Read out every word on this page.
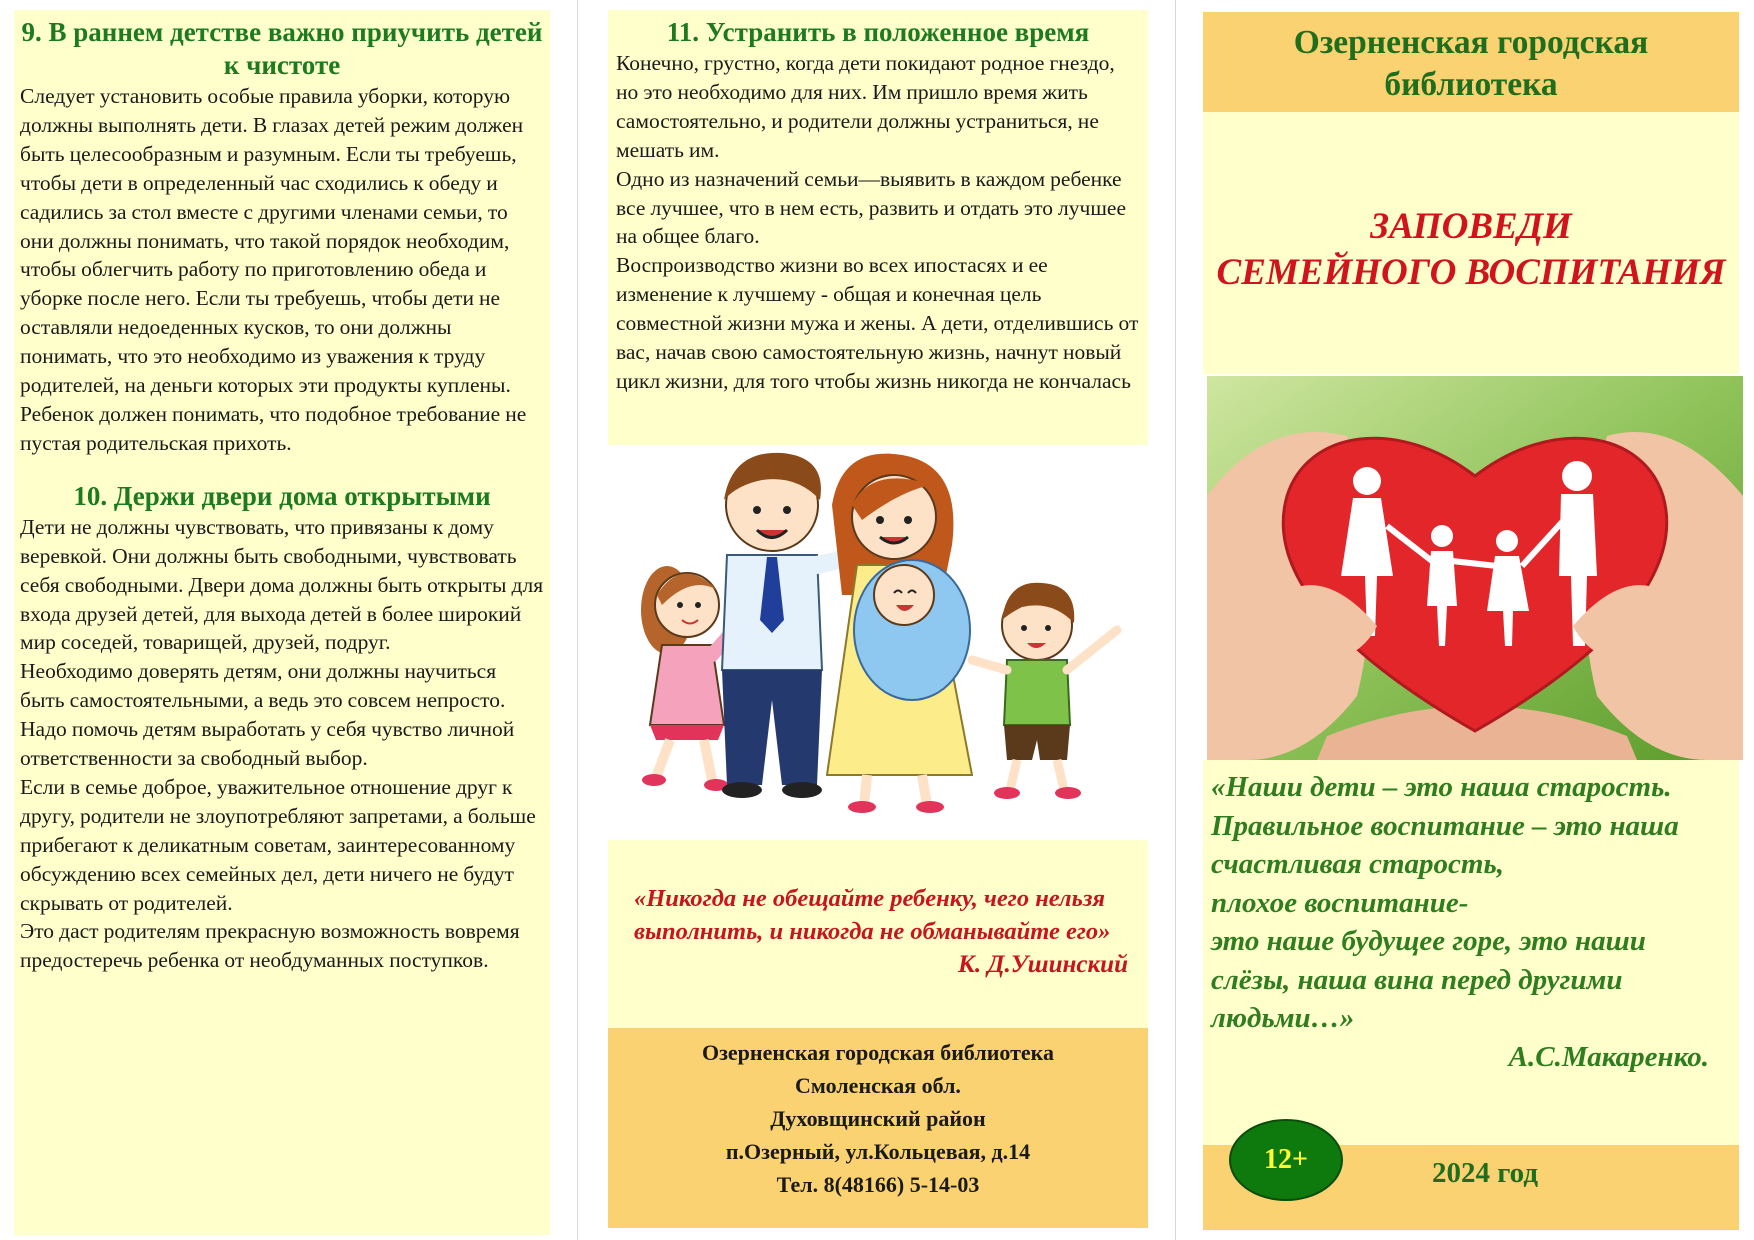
9. В раннем детстве важно приучить детей к чистоте

Следует установить особые правила уборки, которую должны выполнять дети. В глазах детей режим должен быть целесообразным и разумным. Если ты требуешь, чтобы дети в определенный час сходились к обеду и садились за стол вместе с другими членами семьи, то они должны понимать, что такой порядок необходим, чтобы облегчить работу по приготовлению обеда и уборке после него. Если ты требуешь, чтобы дети не оставляли недоеденных кусков, то они должны понимать, что это необходимо из уважения к труду родителей, на деньги которых эти продукты куплены.
Ребенок должен понимать, что подобное требование не пустая родительская прихоть.

10. Держи двери дома открытыми

Дети не должны чувствовать, что привязаны к дому веревкой. Они должны быть свободными, чувствовать себя свободными. Двери дома должны быть открыты для входа друзей детей, для выхода детей в более широкий мир соседей, товарищей, друзей, подруг.
Необходимо доверять детям, они должны научиться быть самостоятельными, а ведь это совсем непросто. Надо помочь детям выработать у себя чувство личной ответственности за свободный выбор.
Если в семье доброе, уважительное отношение друг к другу, родители не злоупотребляют запретами, а больше прибегают к деликатным советам, заинтересованному обсуждению всех семейных дел, дети ничего не будут скрывать от родителей.
Это даст родителям прекрасную возможность вовремя предостеречь ребенка от необдуманных поступков.

11. Устранить в положенное время

Конечно, грустно, когда дети покидают родное гнездо, но это необходимо для них. Им пришло время жить самостоятельно, и родители должны устраниться, не мешать им.
Одно из назначений семьи—выявить в каждом ребенке все лучшее, что в нем есть, развить и отдать это лучшее на общее благо.
Воспроизводство жизни во всех ипостасях и ее изменение к лучшему - общая и конечная цель совместной жизни мужа и жены. А дети, отделившись от вас, начав свою самостоятельную жизнь, начнут новый цикл жизни, для того чтобы жизнь никогда не кончалась

«Никогда не обещайте ребенку, чего нельзя выполнить, и никогда не обманывайте его»

К. Д.Ушинский

Озерненская городская библиотека

Смоленская обл.

Духовщинский район

п.Озерный, ул.Кольцевая, д.14

Тел. 8(48166) 5-14-03

Озерненская городская библиотека

ЗАПОВЕДИ
СЕМЕЙНОГО ВОСПИТАНИЯ

«Наши дети – это наша старость.
Правильное воспитание – это наша счастливая старость,
плохое воспитание-
это наше будущее горе, это наши слёзы, наша вина перед другими людьми…»

А.С.Макаренко.

12+	2024 год
